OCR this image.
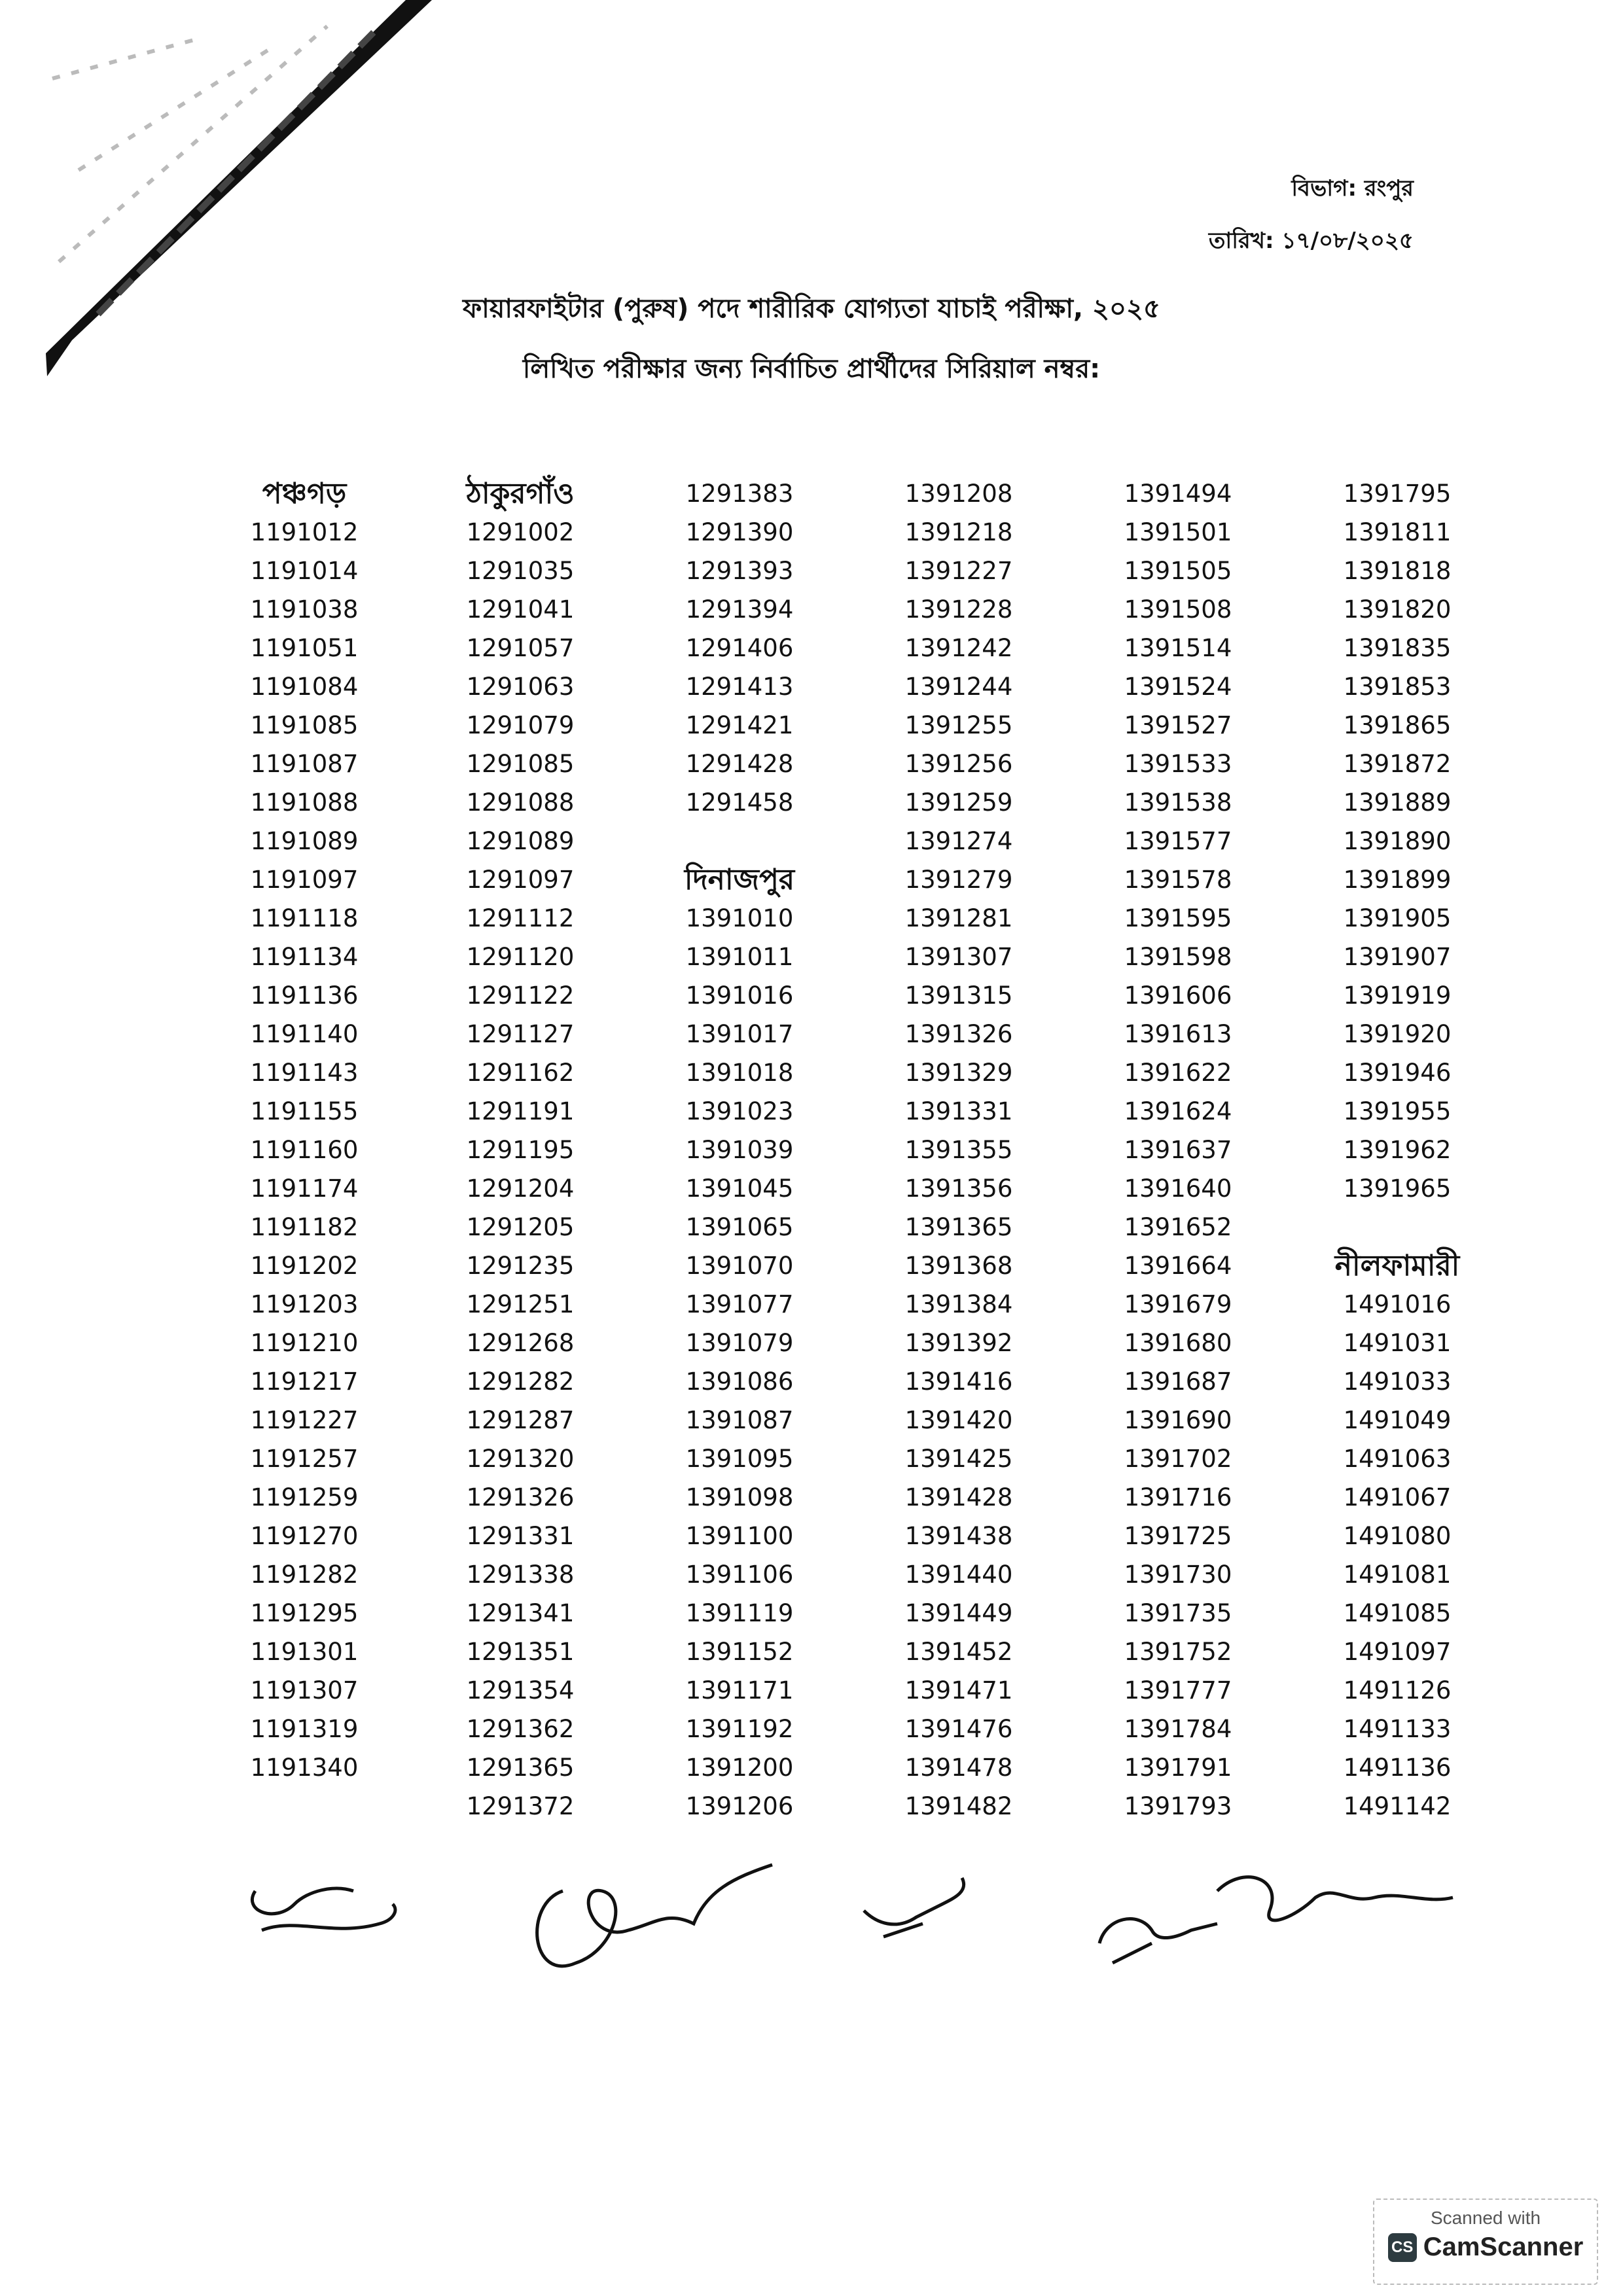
বিভাগ: রংপুর
তারিখ: ১৭/০৮/২০২৫
ফায়ারফাইটার (পুরুষ) পদে শারীরিক যোগ্যতা যাচাই পরীক্ষা, ২০২৫
লিখিত পরীক্ষার জন্য নির্বাচিত প্রার্থীদের সিরিয়াল নম্বর:
পঞ্চগড়
1191012
1191014
1191038
1191051
1191084
1191085
1191087
1191088
1191089
1191097
1191118
1191134
1191136
1191140
1191143
1191155
1191160
1191174
1191182
1191202
1191203
1191210
1191217
1191227
1191257
1191259
1191270
1191282
1191295
1191301
1191307
1191319
1191340
ঠাকুরগাঁও
1291002
1291035
1291041
1291057
1291063
1291079
1291085
1291088
1291089
1291097
1291112
1291120
1291122
1291127
1291162
1291191
1291195
1291204
1291205
1291235
1291251
1291268
1291282
1291287
1291320
1291326
1291331
1291338
1291341
1291351
1291354
1291362
1291365
1291372
1291383
1291390
1291393
1291394
1291406
1291413
1291421
1291428
1291458
দিনাজপুর
1391010
1391011
1391016
1391017
1391018
1391023
1391039
1391045
1391065
1391070
1391077
1391079
1391086
1391087
1391095
1391098
1391100
1391106
1391119
1391152
1391171
1391192
1391200
1391206
1391208
1391218
1391227
1391228
1391242
1391244
1391255
1391256
1391259
1391274
1391279
1391281
1391307
1391315
1391326
1391329
1391331
1391355
1391356
1391365
1391368
1391384
1391392
1391416
1391420
1391425
1391428
1391438
1391440
1391449
1391452
1391471
1391476
1391478
1391482
1391494
1391501
1391505
1391508
1391514
1391524
1391527
1391533
1391538
1391577
1391578
1391595
1391598
1391606
1391613
1391622
1391624
1391637
1391640
1391652
1391664
1391679
1391680
1391687
1391690
1391702
1391716
1391725
1391730
1391735
1391752
1391777
1391784
1391791
1391793
1391795
1391811
1391818
1391820
1391835
1391853
1391865
1391872
1391889
1391890
1391899
1391905
1391907
1391919
1391920
1391946
1391955
1391962
1391965
নীলফামারী
1491016
1491031
1491033
1491049
1491063
1491067
1491080
1491081
1491085
1491097
1491126
1491133
1491136
1491142
Scanned with
CS CamScanner
